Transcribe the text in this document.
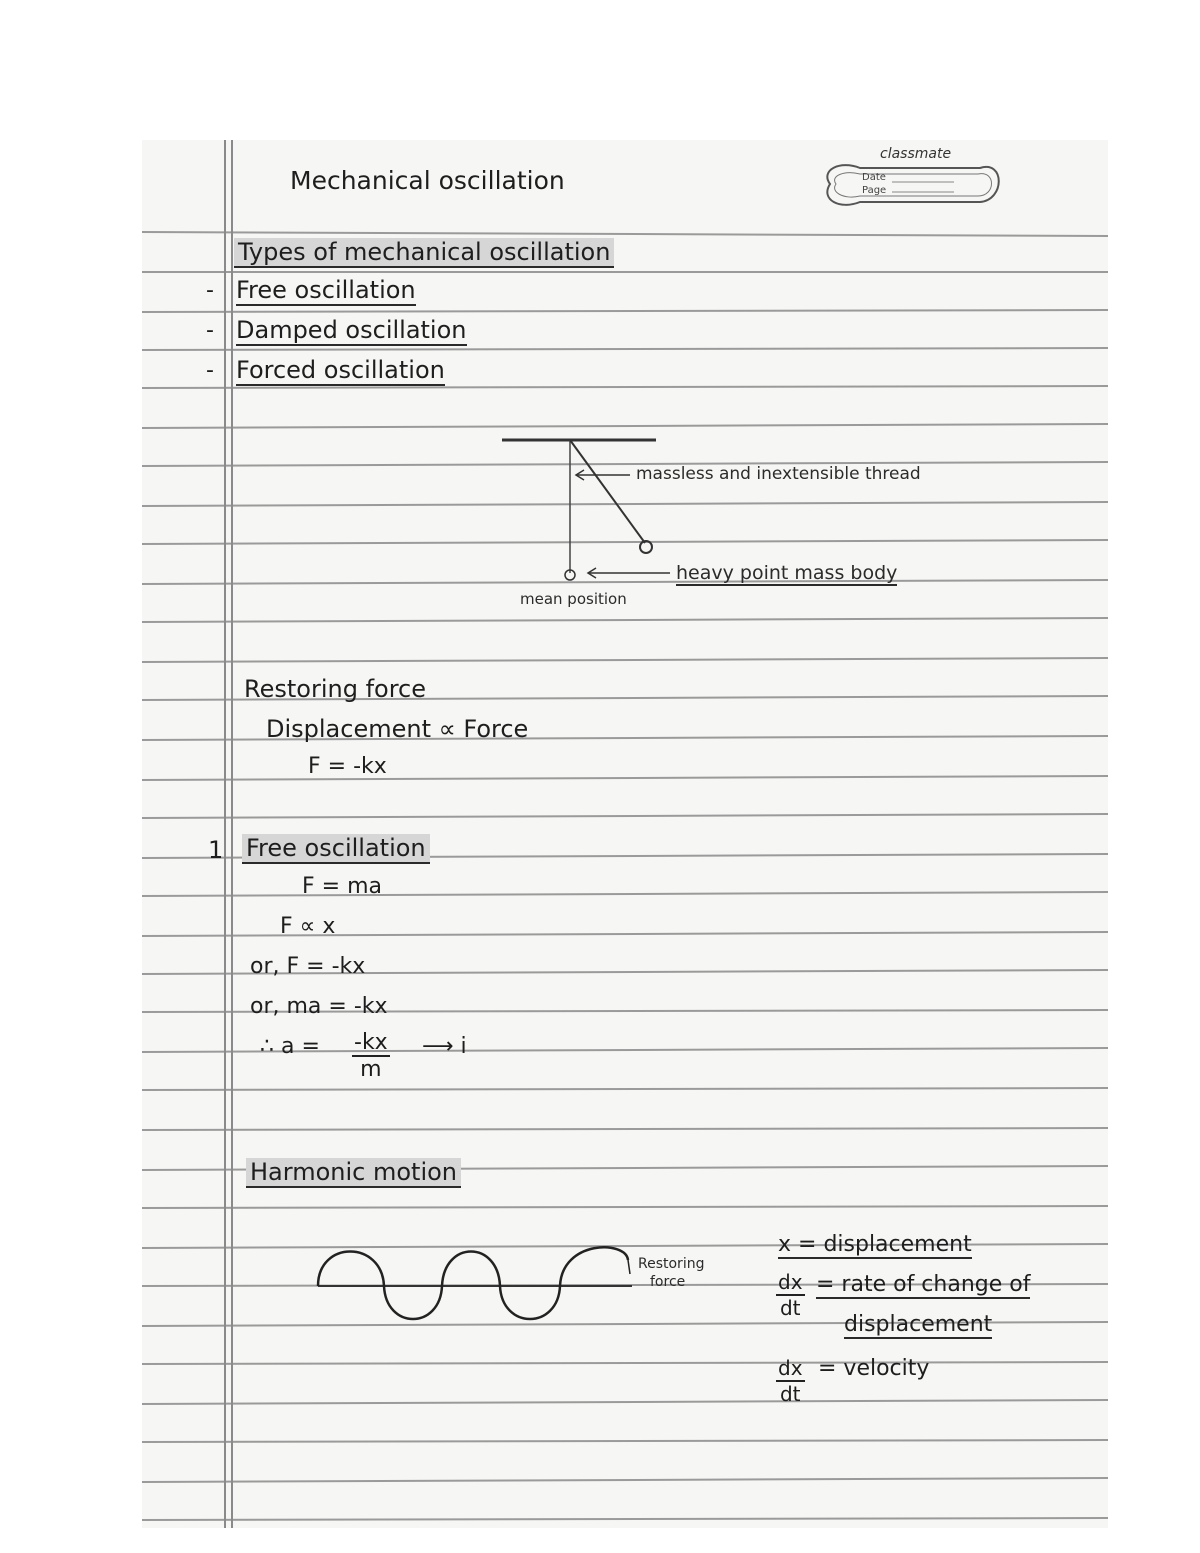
Mechanical oscillation
classmate
Date
Page
Types of mechanical oscillation
- Free oscillation
- Damped oscillation
- Forced oscillation
massless and inextensible thread
heavy point mass body
mean position
Restoring force
Displacement ∝ Force
F = -kx
1 Free oscillation
F = ma
F ∝ x
or, F = -kx
or, ma = -kx
∴ $a = \frac{-kx}{m}$ ⟶ i
Harmonic motion
Restoring
force
x = displacement
$\frac{dx}{dt}$ = rate of change of
displacement
$\frac{dx}{dt}$ = velocity
